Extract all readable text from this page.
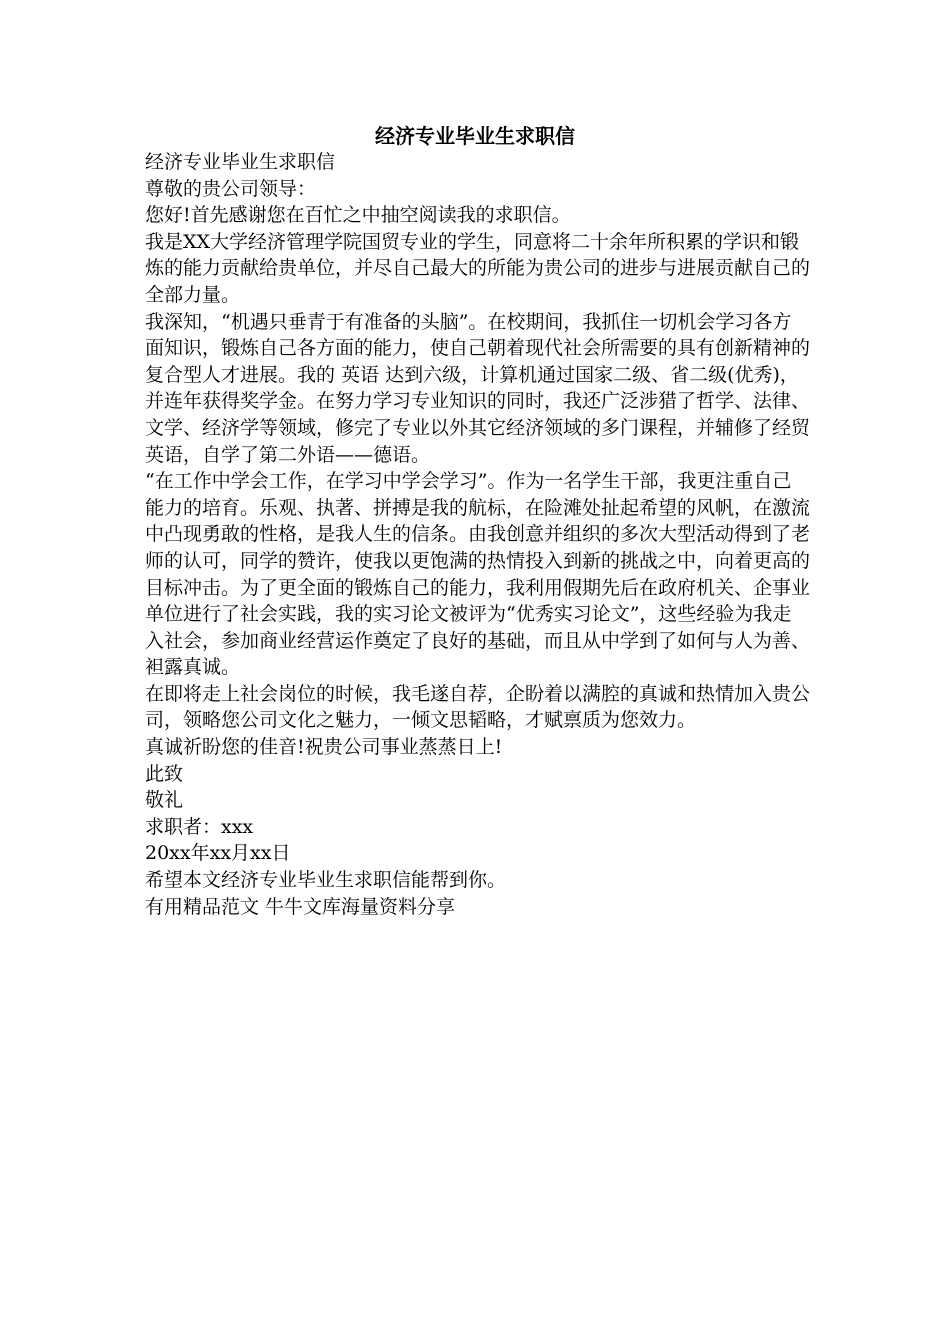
经济专业毕业生求职信

经济专业毕业生求职信

尊敬的贵公司领导：

您好!首先感谢您在百忙之中抽空阅读我的求职信。

我是XX大学经济管理学院国贸专业的学生，同意将二十余年所积累的学识和锻炼的能力贡献给贵单位，并尽自己最大的所能为贵公司的进步与进展贡献自己的全部力量。

我深知，“机遇只垂青于有准备的头脑”。在校期间，我抓住一切机会学习各方面知识，锻炼自己各方面的能力，使自己朝着现代社会所需要的具有创新精神的复合型人才进展。我的 英语 达到六级，计算机通过国家二级、省二级(优秀)，并连年获得奖学金。在努力学习专业知识的同时，我还广泛涉猎了哲学、法律、文学、经济学等领域，修完了专业以外其它经济领域的多门课程，并辅修了经贸英语，自学了第二外语——德语。

“在工作中学会工作，在学习中学会学习”。作为一名学生干部，我更注重自己能力的培育。乐观、执著、拼搏是我的航标，在险滩处扯起希望的风帆，在激流中凸现勇敢的性格，是我人生的信条。由我创意并组织的多次大型活动得到了老师的认可，同学的赞许，使我以更饱满的热情投入到新的挑战之中，向着更高的目标冲击。为了更全面的锻炼自己的能力，我利用假期先后在政府机关、企事业单位进行了社会实践，我的实习论文被评为“优秀实习论文”，这些经验为我走入社会，参加商业经营运作奠定了良好的基础，而且从中学到了如何与人为善、袒露真诚。

在即将走上社会岗位的时候，我毛遂自荐，企盼着以满腔的真诚和热情加入贵公司，领略您公司文化之魅力，一倾文思韬略，才赋禀质为您效力。

真诚祈盼您的佳音!祝贵公司事业蒸蒸日上!

此致

敬礼

求职者：xxx

20xx年xx月xx日

希望本文经济专业毕业生求职信能帮到你。

有用精品范文 牛牛文库海量资料分享
